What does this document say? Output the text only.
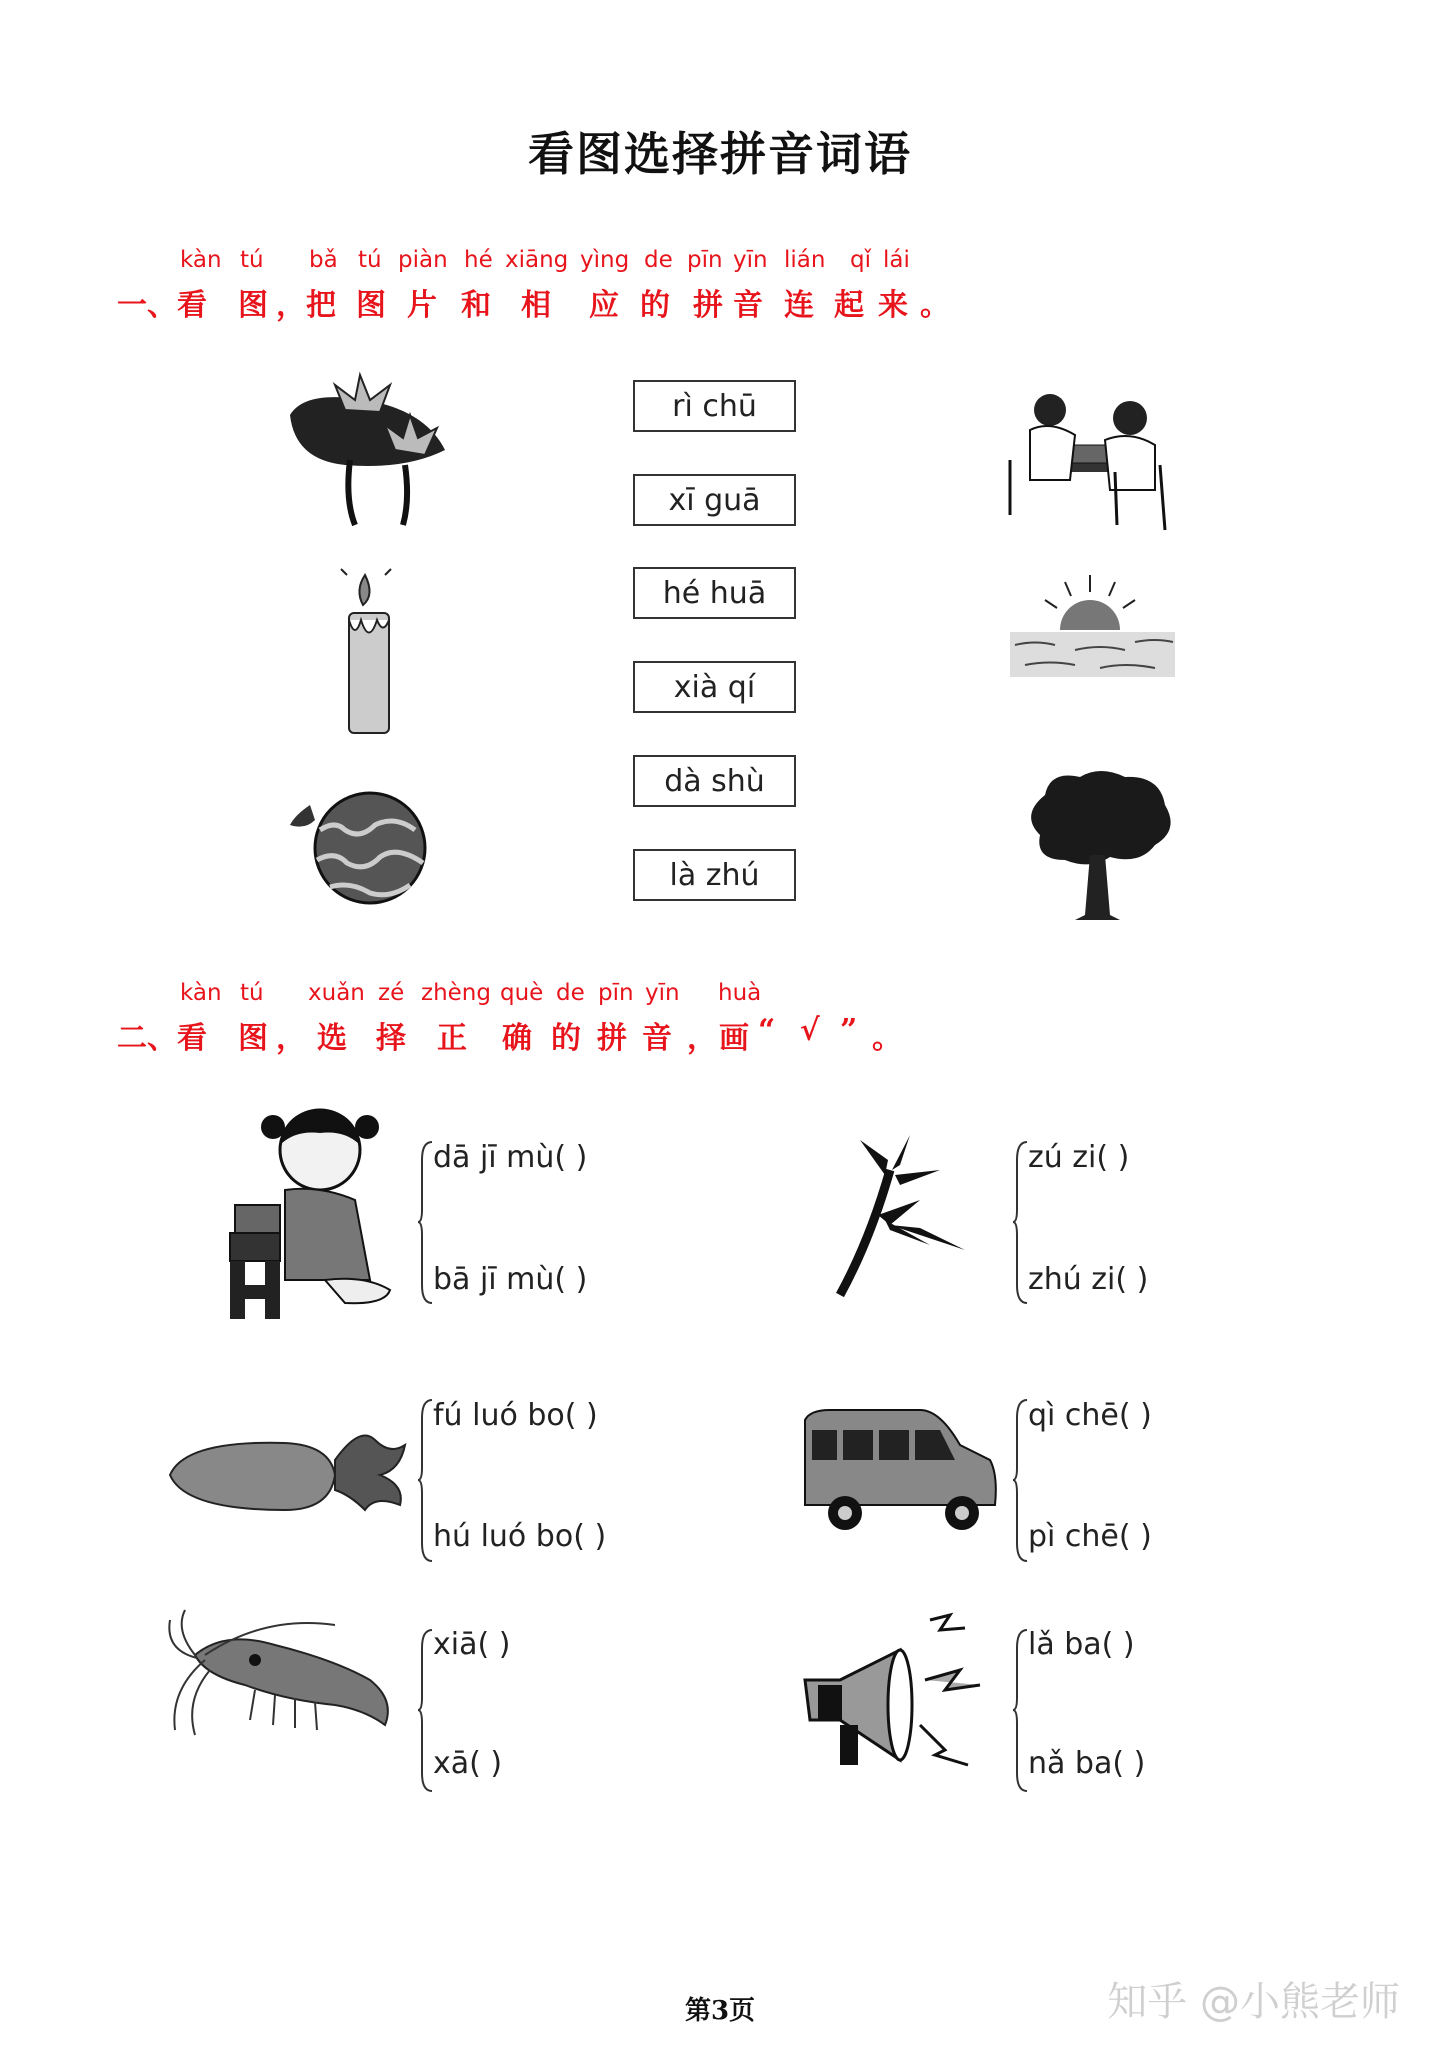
看图选择拼音词语
kàn tú bǎ tú piàn hé xiāng yìng de pīn yīn lián qǐ lái
一、看 图 ，把 图 片 和 相 应 的 拼 音 连 起 来 。
rì chū
xī guā
hé huā
xià qí
dà shù
là zhú
kàn tú xuǎn zé zhèng què de pīn yīn huà
二、看 图 ， 选 择 正 确 的 拼 音 ， 画 “ √ ” 。
dā jī mù( )
bā jī mù( )
zú zi( )
zhú zi( )
fú luó bo( )
hú luó bo( )
qì chē( )
pì chē( )
xiā( )
xā( )
lǎ ba( )
nǎ ba( )
第3页	知乎 @小熊老师
